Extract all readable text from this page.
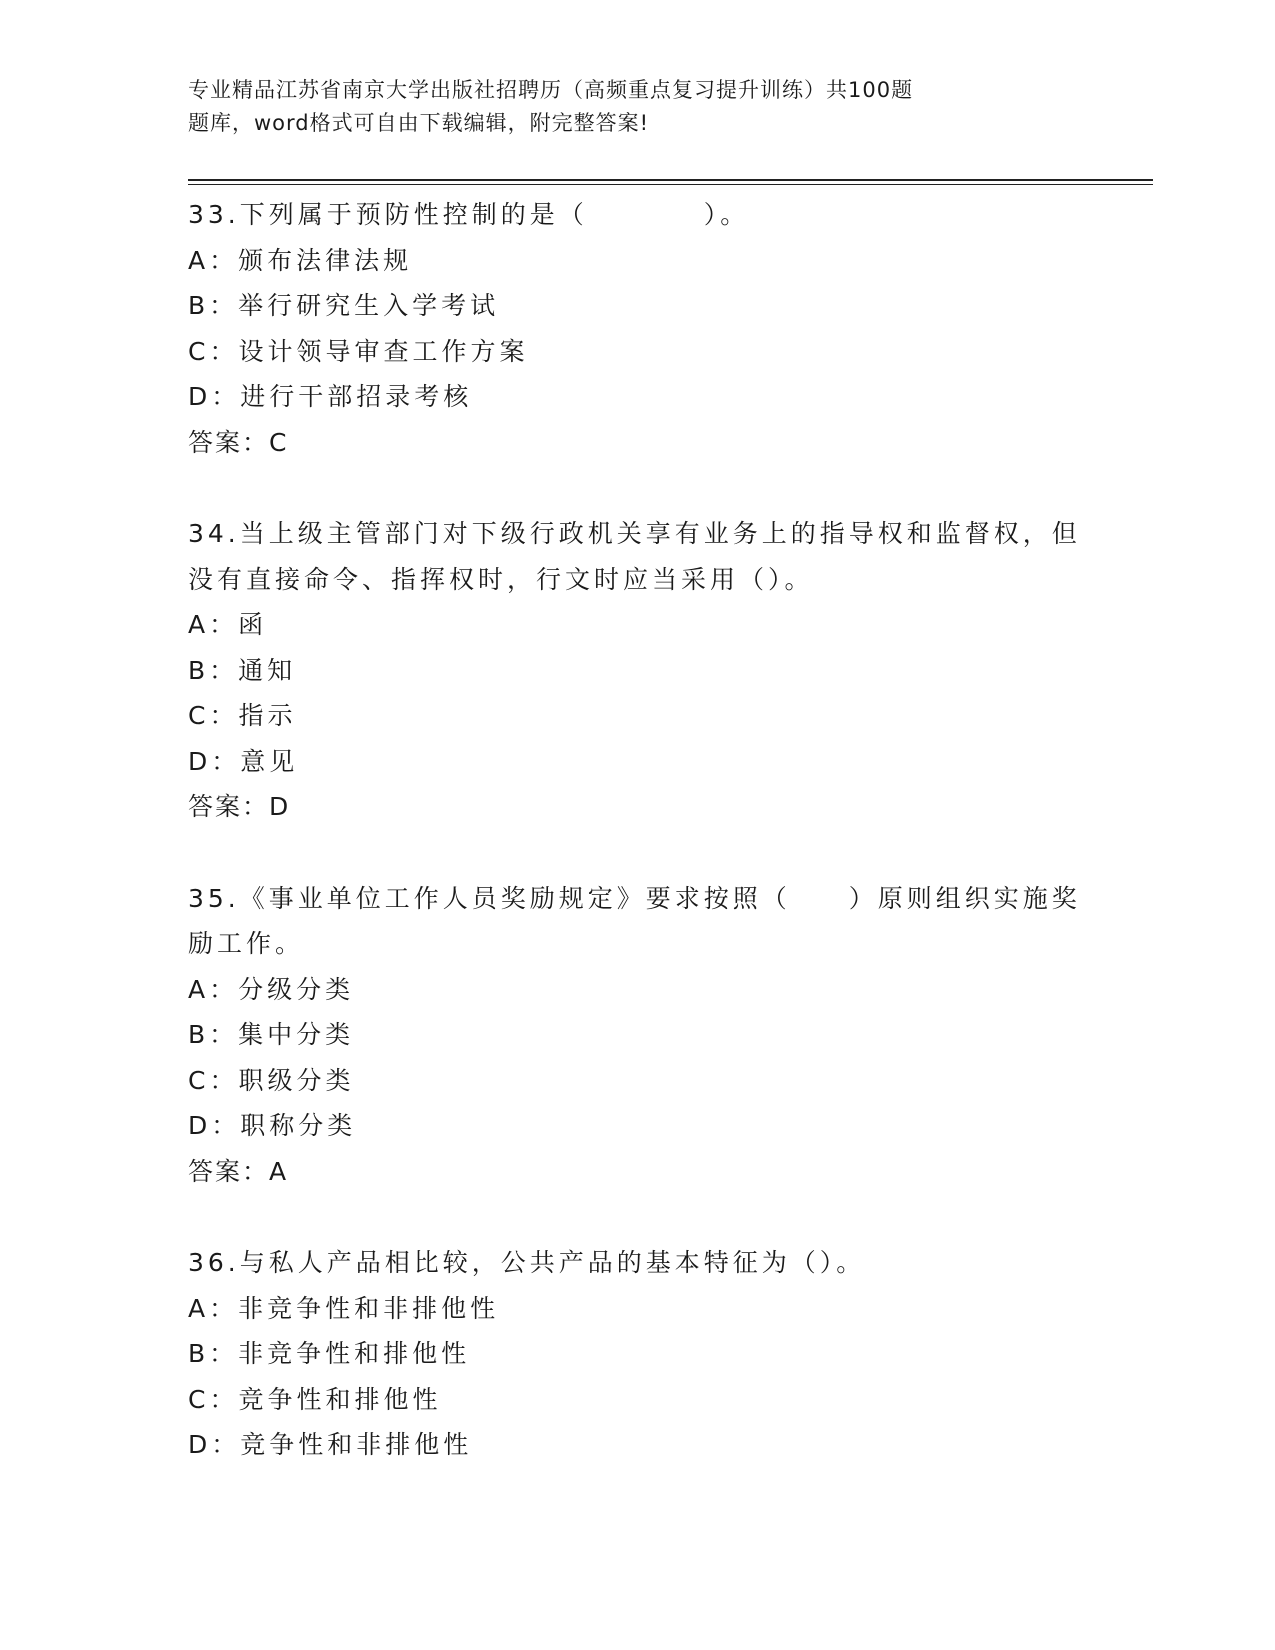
专业精品江苏省南京大学出版社招聘历（高频重点复习提升训练）共100题
题库，word格式可自由下载编辑，附完整答案!
33.下列属于预防性控制的是（　　　　）。
A：颁布法律法规
B：举行研究生入学考试
C：设计领导审查工作方案
D：进行干部招录考核
答案：C
34.当上级主管部门对下级行政机关享有业务上的指导权和监督权，但
没有直接命令、指挥权时，行文时应当采用（）。
A：函
B：通知
C：指示
D：意见
答案：D
35.《事业单位工作人员奖励规定》要求按照（　　）原则组织实施奖
励工作。
A：分级分类
B：集中分类
C：职级分类
D：职称分类
答案：A
36.与私人产品相比较，公共产品的基本特征为（）。
A：非竞争性和非排他性
B：非竞争性和排他性
C：竞争性和排他性
D：竞争性和非排他性
